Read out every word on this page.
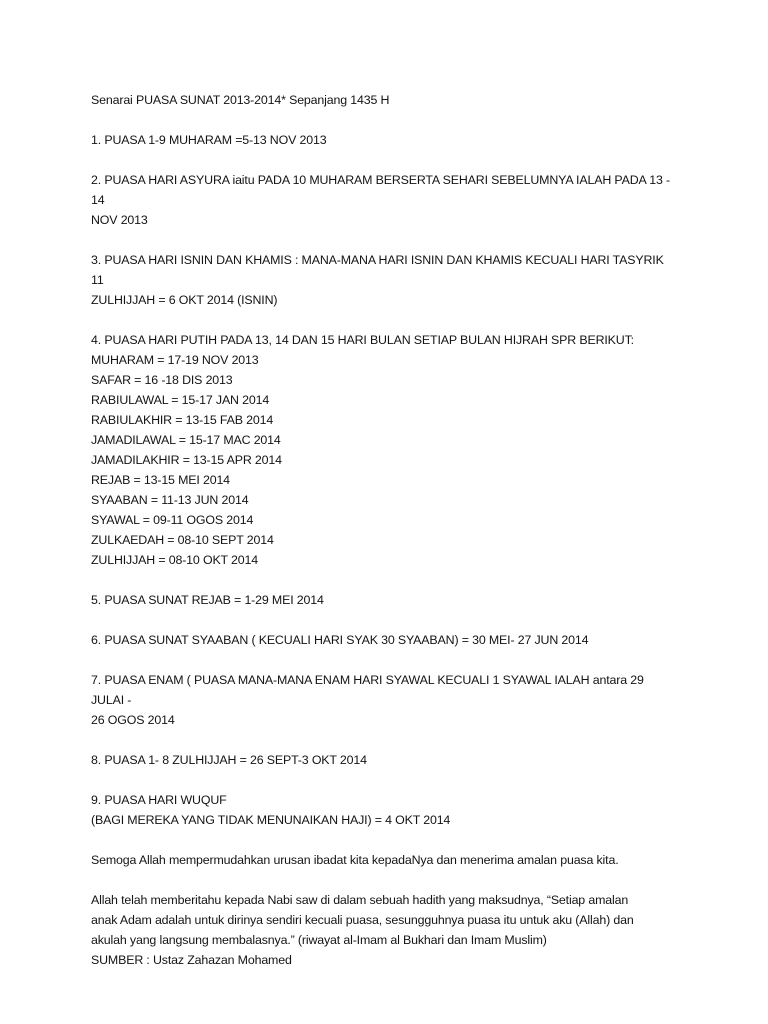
Senarai PUASA SUNAT 2013-2014* Sepanjang 1435 H
1. PUASA 1-9 MUHARAM =5-13 NOV 2013
2. PUASA HARI ASYURA iaitu PADA 10 MUHARAM BERSERTA SEHARI SEBELUMNYA IALAH PADA 13 - 14
NOV 2013
3. PUASA HARI ISNIN DAN KHAMIS : MANA-MANA HARI ISNIN DAN KHAMIS KECUALI HARI TASYRIK 11
ZULHIJJAH = 6 OKT 2014 (ISNIN)
4. PUASA HARI PUTIH PADA 13, 14 DAN 15 HARI BULAN SETIAP BULAN HIJRAH SPR BERIKUT:
MUHARAM = 17-19 NOV 2013
SAFAR = 16 -18 DIS 2013
RABIULAWAL = 15-17 JAN 2014
RABIULAKHIR = 13-15 FAB 2014
JAMADILAWAL = 15-17 MAC 2014
JAMADILAKHIR = 13-15 APR 2014
REJAB = 13-15 MEI 2014
SYAABAN = 11-13 JUN 2014
SYAWAL = 09-11 OGOS 2014
ZULKAEDAH = 08-10 SEPT 2014
ZULHIJJAH = 08-10 OKT 2014
5. PUASA SUNAT REJAB = 1-29 MEI 2014
6. PUASA SUNAT SYAABAN ( KECUALI HARI SYAK 30 SYAABAN) = 30 MEI- 27 JUN 2014
7. PUASA ENAM ( PUASA MANA-MANA ENAM HARI SYAWAL KECUALI 1 SYAWAL IALAH antara 29 JULAI -
26 OGOS 2014
8. PUASA 1- 8 ZULHIJJAH = 26 SEPT-3 OKT 2014
9. PUASA HARI WUQUF
(BAGI MEREKA YANG TIDAK MENUNAIKAN HAJI) = 4 OKT 2014
Semoga Allah mempermudahkan urusan ibadat kita kepadaNya dan menerima amalan puasa kita.
Allah telah memberitahu kepada Nabi saw di dalam sebuah hadith yang maksudnya, “Setiap amalan
anak Adam adalah untuk dirinya sendiri kecuali puasa, sesungguhnya puasa itu untuk aku (Allah) dan
akulah yang langsung membalasnya.” (riwayat al-Imam al Bukhari dan Imam Muslim)
SUMBER : Ustaz Zahazan Mohamed
